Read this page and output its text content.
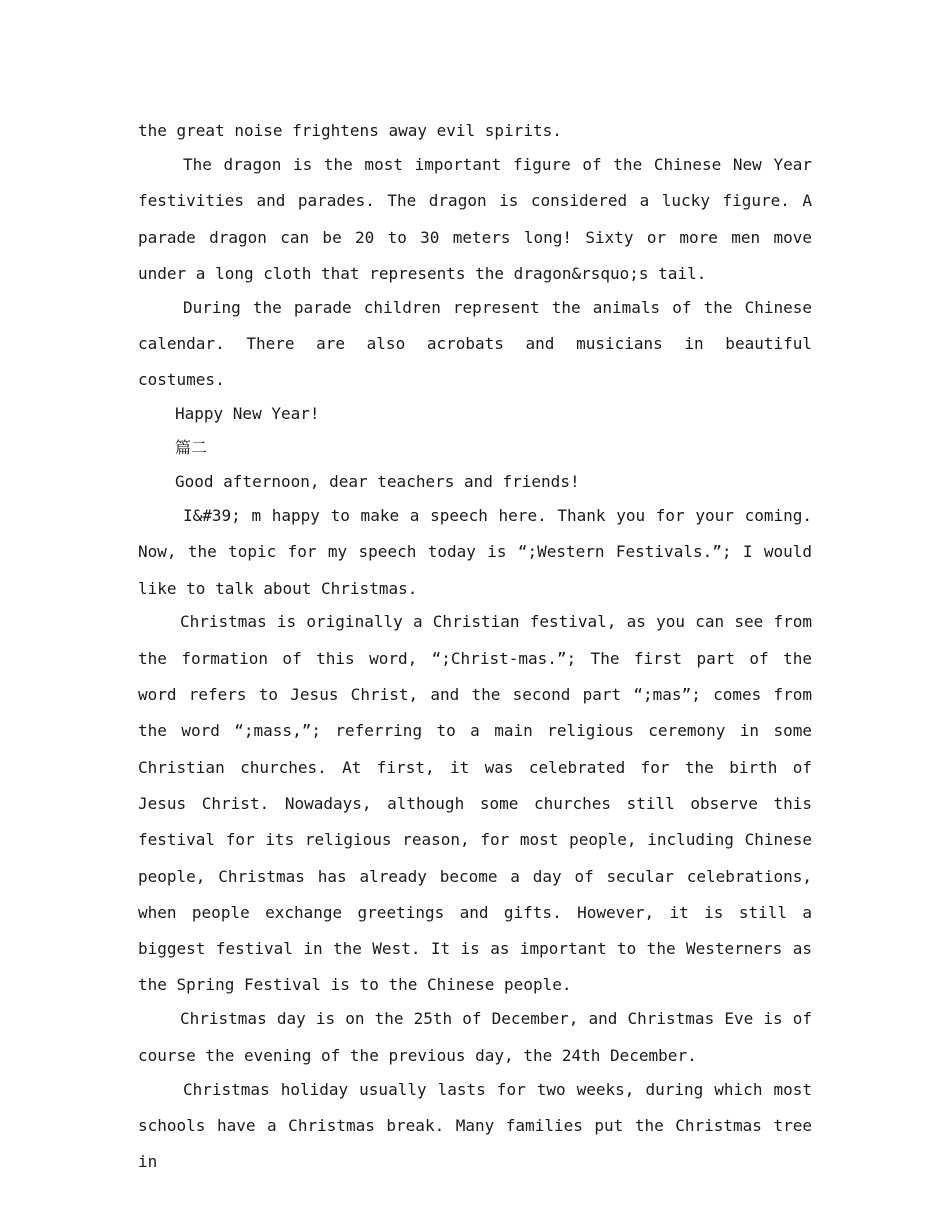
the great noise frightens away evil spirits.

The dragon is the most important figure of the Chinese New Year festivities and parades. The dragon is considered a lucky figure. A parade dragon can be 20 to 30 meters long! Sixty or more men move under a long cloth that represents the dragon&rsquo;s tail.

During the parade children represent the animals of the Chinese calendar. There are also acrobats and musicians in beautiful costumes.

Happy New Year!

篇二

Good afternoon, dear teachers and friends!

I&#39; m happy to make a speech here. Thank you for your coming. Now, the topic for my speech today is “;Western Festivals.”; I would like to talk about Christmas.

Christmas is originally a Christian festival, as you can see from the formation of this word, “;Christ-mas.”; The first part of the word refers to Jesus Christ, and the second part “;mas”; comes from the word “;mass,”; referring to a main religious ceremony in some Christian churches. At first, it was celebrated for the birth of Jesus Christ. Nowadays, although some churches still observe this festival for its religious reason, for most people, including Chinese people, Christmas has already become a day of secular celebrations, when people exchange greetings and gifts. However, it is still a biggest festival in the West. It is as important to the Westerners as the Spring Festival is to the Chinese people.

Christmas day is on the 25th of December, and Christmas Eve is of course the evening of the previous day, the 24th December.

Christmas holiday usually lasts for two weeks, during which most schools have a Christmas break. Many families put the Christmas tree in
